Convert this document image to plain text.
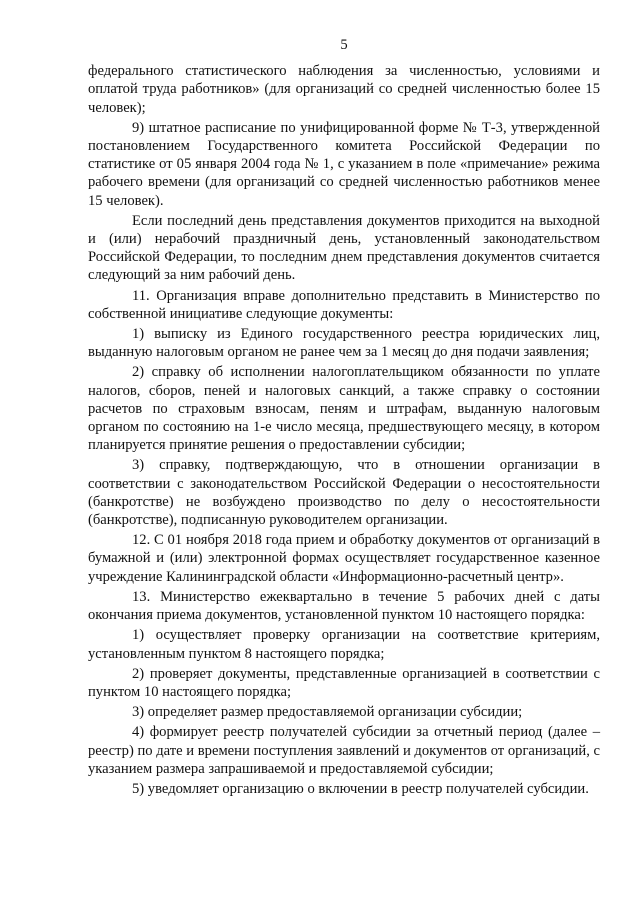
5

федерального статистического наблюдения за численностью, условиями и оплатой труда работников» (для организаций со средней численностью более 15 человек);

9) штатное расписание по унифицированной форме № Т-3, утвержденной постановлением Государственного комитета Российской Федерации по статистике от 05 января 2004 года № 1, с указанием в поле «примечание» режима рабочего времени (для организаций со средней численностью работников менее 15 человек).

Если последний день представления документов приходится на выходной и (или) нерабочий праздничный день, установленный законодательством Российской Федерации, то последним днем представления документов считается следующий за ним рабочий день.

11. Организация вправе дополнительно представить в Министерство по собственной инициативе следующие документы:

1) выписку из Единого государственного реестра юридических лиц, выданную налоговым органом не ранее чем за 1 месяц до дня подачи заявления;

2) справку об исполнении налогоплательщиком обязанности по уплате налогов, сборов, пеней и налоговых санкций, а также справку о состоянии расчетов по страховым взносам, пеням и штрафам, выданную налоговым органом по состоянию на 1-е число месяца, предшествующего месяцу, в котором планируется принятие решения о предоставлении субсидии;

3) справку, подтверждающую, что в отношении организации в соответствии с законодательством Российской Федерации о несостоятельности (банкротстве) не возбуждено производство по делу о несостоятельности (банкротстве), подписанную руководителем организации.

12. С 01 ноября 2018 года прием и обработку документов от организаций в бумажной и (или) электронной формах осуществляет государственное казенное учреждение Калининградской области «Информационно-расчетный центр».

13. Министерство ежеквартально в течение 5 рабочих дней с даты окончания приема документов, установленной пунктом 10 настоящего порядка:

1) осуществляет проверку организации на соответствие критериям, установленным пунктом 8 настоящего порядка;

2) проверяет документы, представленные организацией в соответствии с пунктом 10 настоящего порядка;

3) определяет размер предоставляемой организации субсидии;

4) формирует реестр получателей субсидии за отчетный период (далее – реестр) по дате и времени поступления заявлений и документов от организаций, с указанием размера запрашиваемой и предоставляемой субсидии;

5) уведомляет организацию о включении в реестр получателей субсидии.
